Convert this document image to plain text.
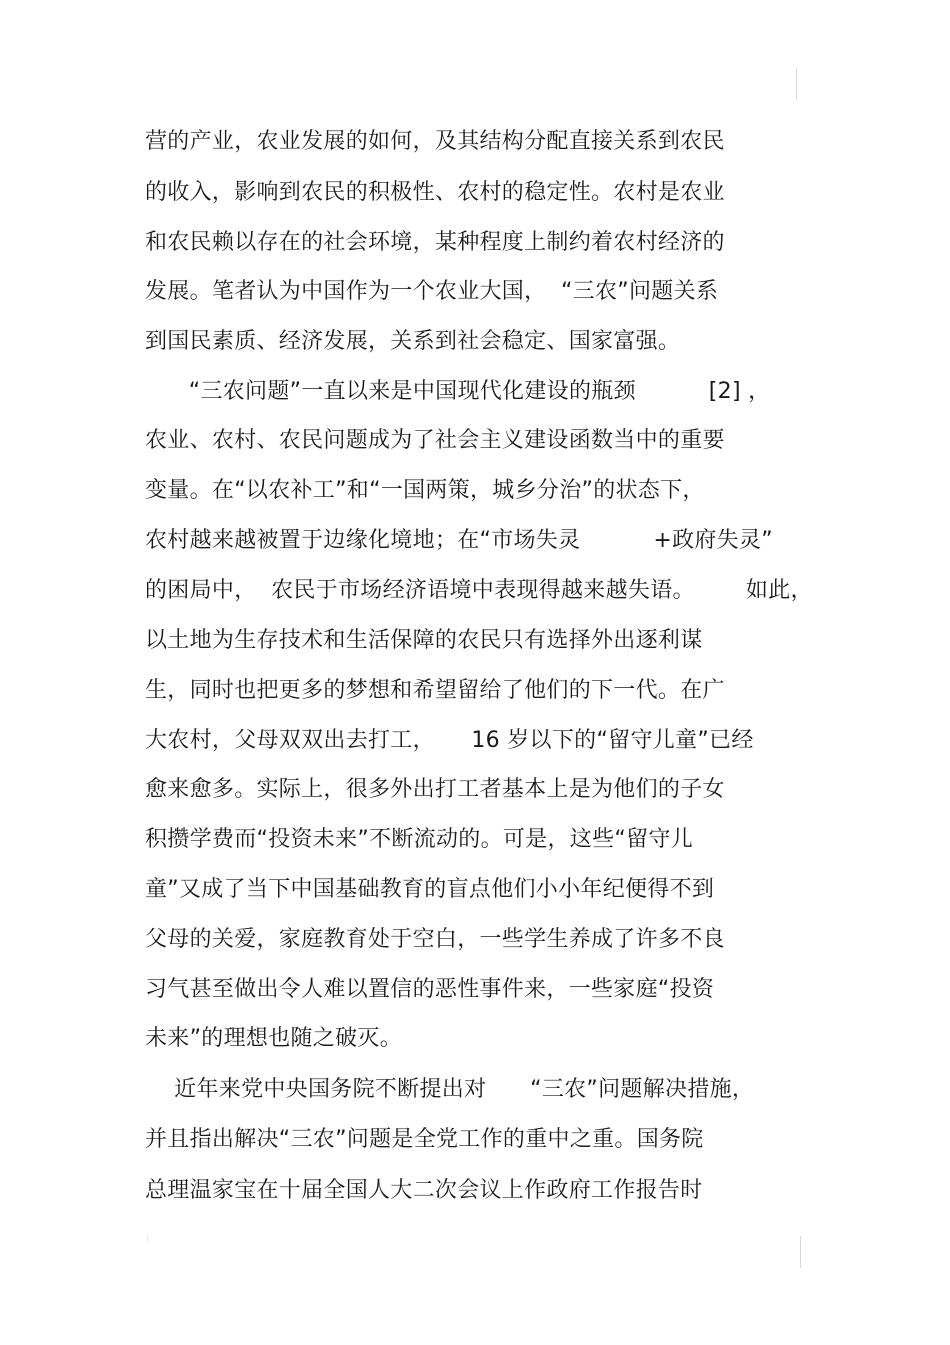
营的产业，农业发展的如何，及其结构分配直接关系到农民
的收入，影响到农民的积极性、农村的稳定性。农村是农业
和农民赖以存在的社会环境，某种程度上制约着农村经济的
发展。笔者认为中国作为一个农业大国，  “三农”问题关系
到国民素质、经济发展，关系到社会稳定、国家富强。
“三农问题”一直以来是中国现代化建设的瓶颈          [2] ，
农业、农村、农民问题成为了社会主义建设函数当中的重要
变量。在“以农补工”和“一国两策，城乡分治”的状态下，
农村越来越被置于边缘化境地；在“市场失灵          +政府失灵”
的困局中，  农民于市场经济语境中表现得越来越失语。       如此，
以土地为生存技术和生活保障的农民只有选择外出逐利谋
生，同时也把更多的梦想和希望留给了他们的下一代。在广
大农村，父母双双出去打工，     16 岁以下的“留守儿童”已经
愈来愈多。实际上，很多外出打工者基本上是为他们的子女
积攒学费而“投资未来”不断流动的。可是，这些“留守儿
童”又成了当下中国基础教育的盲点他们小小年纪便得不到
父母的关爱，家庭教育处于空白，一些学生养成了许多不良
习气甚至做出令人难以置信的恶性事件来，一些家庭“投资
未来”的理想也随之破灭。
近年来党中央国务院不断提出对      “三农”问题解决措施，
并且指出解决“三农”问题是全党工作的重中之重。国务院
总理温家宝在十届全国人大二次会议上作政府工作报告时
